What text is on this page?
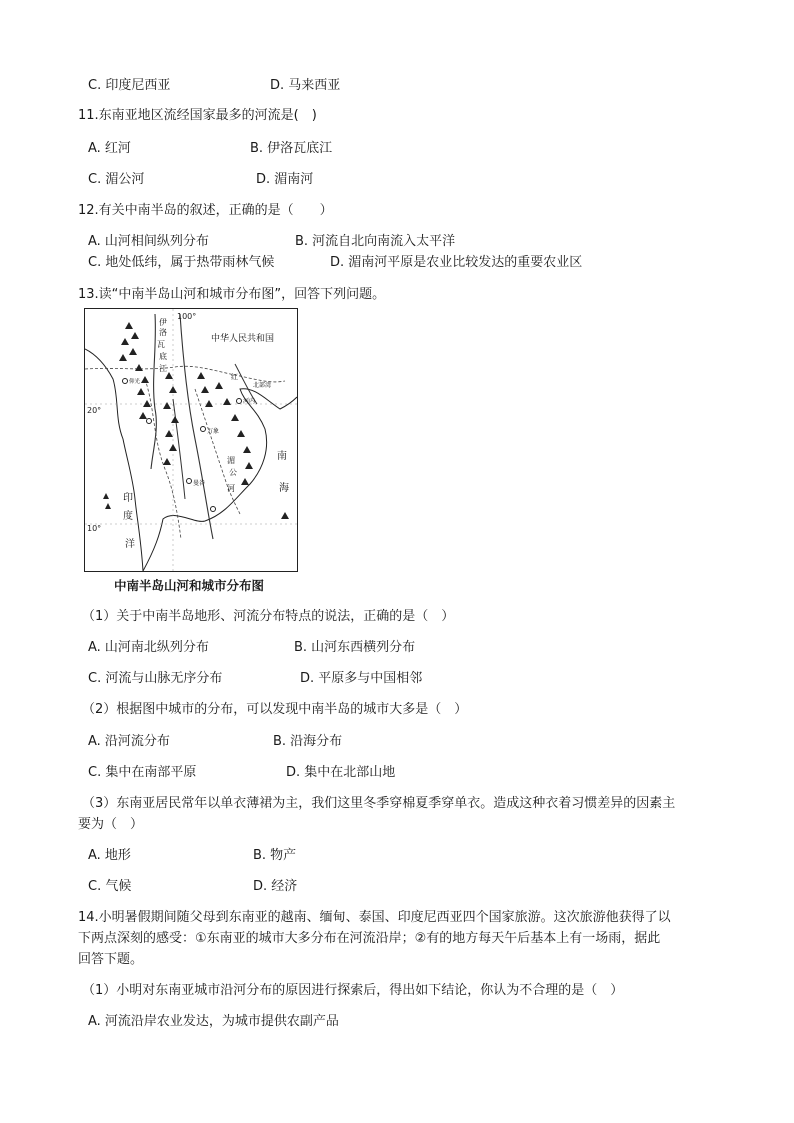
C. 印度尼西亚	D. 马来西亚
11.东南亚地区流经国家最多的河流是(　)
A. 红河	B. 伊洛瓦底江
C. 湄公河	D. 湄南河
12.有关中南半岛的叙述，正确的是（　　）
A. 山河相间纵列分布	B. 河流自北向南流入太平洋
C. 地处低纬，属于热带雨林气候	D. 湄南河平原是农业比较发达的重要农业区
13.读“中南半岛山河和城市分布图”，回答下列问题。
100°
20°
10°
中华人民共和国
北部湾
河内
仰光
曼谷
万象
南
海
印
度
洋
伊
洛
瓦
底
江
湄
公
河
红
中南半岛山河和城市分布图
（1）关于中南半岛地形、河流分布特点的说法，正确的是（　）
A. 山河南北纵列分布	B. 山河东西横列分布
C. 河流与山脉无序分布	D. 平原多与中国相邻
（2）根据图中城市的分布，可以发现中南半岛的城市大多是（　）
A. 沿河流分布	B. 沿海分布
C. 集中在南部平原	D. 集中在北部山地
（3）东南亚居民常年以单衣薄裙为主，我们这里冬季穿棉夏季穿单衣。造成这种衣着习惯差异的因素主
要为（　）
A. 地形	B. 物产
C. 气候	D. 经济
14.小明暑假期间随父母到东南亚的越南、缅甸、泰国、印度尼西亚四个国家旅游。这次旅游他获得了以
下两点深刻的感受：①东南亚的城市大多分布在河流沿岸；②有的地方每天午后基本上有一场雨，据此
回答下题。
（1）小明对东南亚城市沿河分布的原因进行探索后，得出如下结论，你认为不合理的是（　）
A. 河流沿岸农业发达，为城市提供农副产品
